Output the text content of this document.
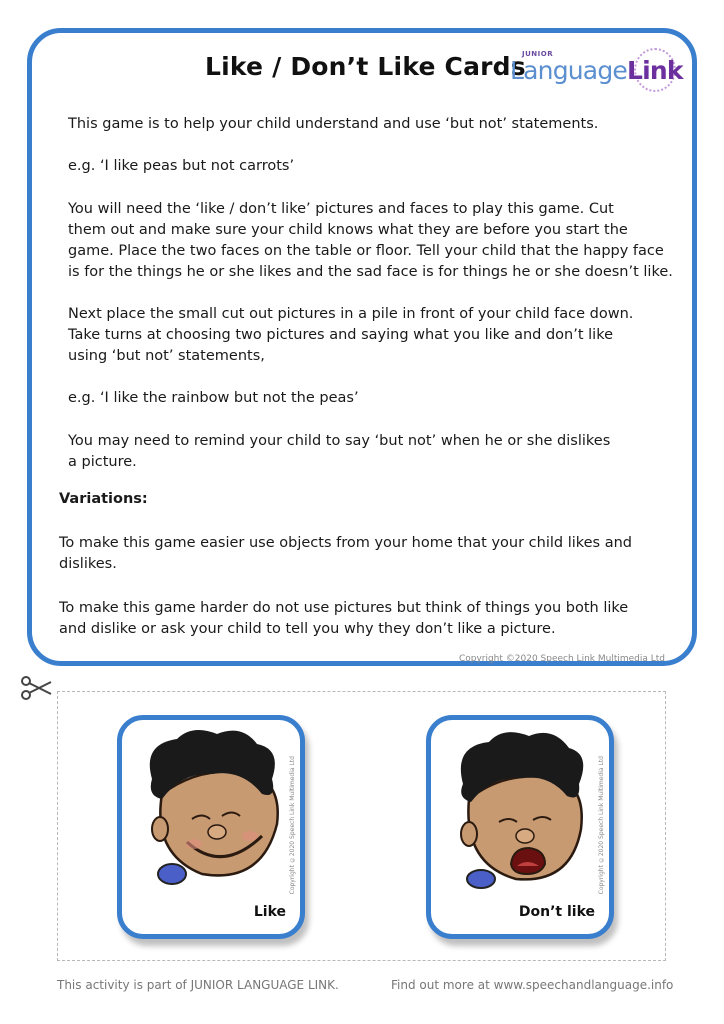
Like / Don’t Like Cards
JUNIOR
LanguageLink
This game is to help your child understand and use ‘but not’ statements.
e.g. ‘I like peas but not carrots’
You will need the ‘like / don’t like’ pictures and faces to play this game. Cut
them out and make sure your child knows what they are before you start the
game. Place the two faces on the table or floor. Tell your child that the happy face
is for the things he or she likes and the sad face is for things he or she doesn’t like.
Next place the small cut out pictures in a pile in front of your child face down.
Take turns at choosing two pictures and saying what you like and don’t like
using ‘but not’ statements,
e.g. ‘I like the rainbow but not the peas’
You may need to remind your child to say ‘but not’ when he or she dislikes
a picture.
Variations:
To make this game easier use objects from your home that your child likes and
dislikes.
To make this game harder do not use pictures but think of things you both like
and dislike or ask your child to tell you why they don’t like a picture.
Copyright ©2020 Speech Link Multimedia Ltd
Copyright ©2020 Speech Link Multimedia Ltd
Like
Copyright ©2020 Speech Link Multimedia Ltd
Don’t like
This activity is part of JUNIOR LANGUAGE LINK.	Find out more at www.speechandlanguage.info
